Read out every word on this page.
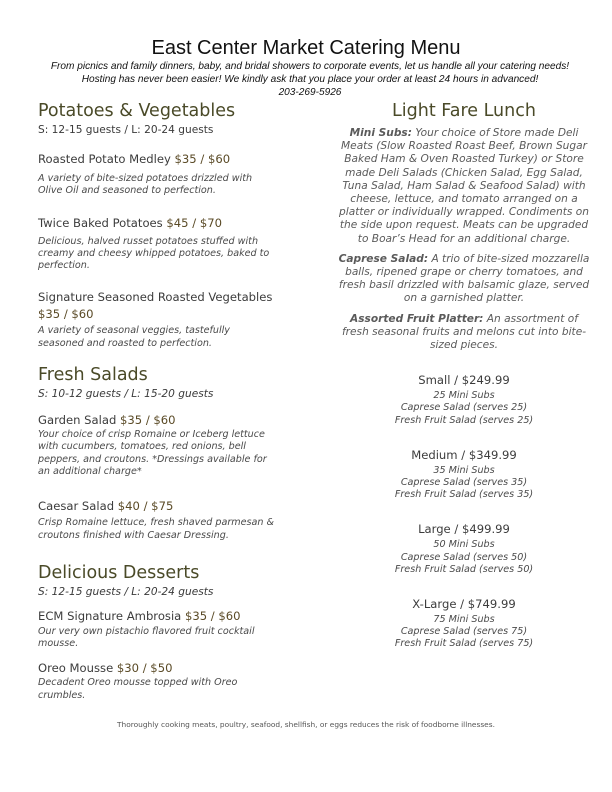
East Center Market Catering Menu
From picnics and family dinners, baby, and bridal showers to corporate events, let us handle all your catering needs! Hosting has never been easier! We kindly ask that you place your order at least 24 hours in advanced!
203-269-5926
Potatoes & Vegetables
S: 12-15 guests / L: 20-24 guests
Roasted Potato Medley $35 / $60
A variety of bite-sized potatoes drizzled with Olive Oil and seasoned to perfection.
Twice Baked Potatoes $45 / $70
Delicious, halved russet potatoes stuffed with creamy and cheesy whipped potatoes, baked to perfection.
Signature Seasoned Roasted Vegetables
$35 / $60
A variety of seasonal veggies, tastefully seasoned and roasted to perfection.
Fresh Salads
S: 10-12 guests / L: 15-20 guests
Garden Salad $35 / $60
Your choice of crisp Romaine or Iceberg lettuce with cucumbers, tomatoes, red onions, bell peppers, and croutons. *Dressings available for an additional charge*
Caesar Salad $40 / $75
Crisp Romaine lettuce, fresh shaved parmesan & croutons finished with Caesar Dressing.
Delicious Desserts
S: 12-15 guests / L: 20-24 guests
ECM Signature Ambrosia $35 / $60
Our very own pistachio flavored fruit cocktail mousse.
Oreo Mousse $30 / $50
Decadent Oreo mousse topped with Oreo crumbles.
Light Fare Lunch
Mini Subs: Your choice of Store made Deli Meats (Slow Roasted Roast Beef, Brown Sugar Baked Ham & Oven Roasted Turkey) or Store made Deli Salads (Chicken Salad, Egg Salad, Tuna Salad, Ham Salad & Seafood Salad) with cheese, lettuce, and tomato arranged on a platter or individually wrapped. Condiments on the side upon request. Meats can be upgraded to Boar’s Head for an additional charge.
Caprese Salad: A trio of bite-sized mozzarella balls, ripened grape or cherry tomatoes, and fresh basil drizzled with balsamic glaze, served on a garnished platter.
Assorted Fruit Platter: An assortment of fresh seasonal fruits and melons cut into bite- sized pieces.
Small / $249.99
25 Mini Subs
Caprese Salad (serves 25)
Fresh Fruit Salad (serves 25)
Medium / $349.99
35 Mini Subs
Caprese Salad (serves 35)
Fresh Fruit Salad (serves 35)
Large / $499.99
50 Mini Subs
Caprese Salad (serves 50)
Fresh Fruit Salad (serves 50)
X-Large / $749.99
75 Mini Subs
Caprese Salad (serves 75)
Fresh Fruit Salad (serves 75)
Thoroughly cooking meats, poultry, seafood, shellfish, or eggs reduces the risk of foodborne illnesses.
